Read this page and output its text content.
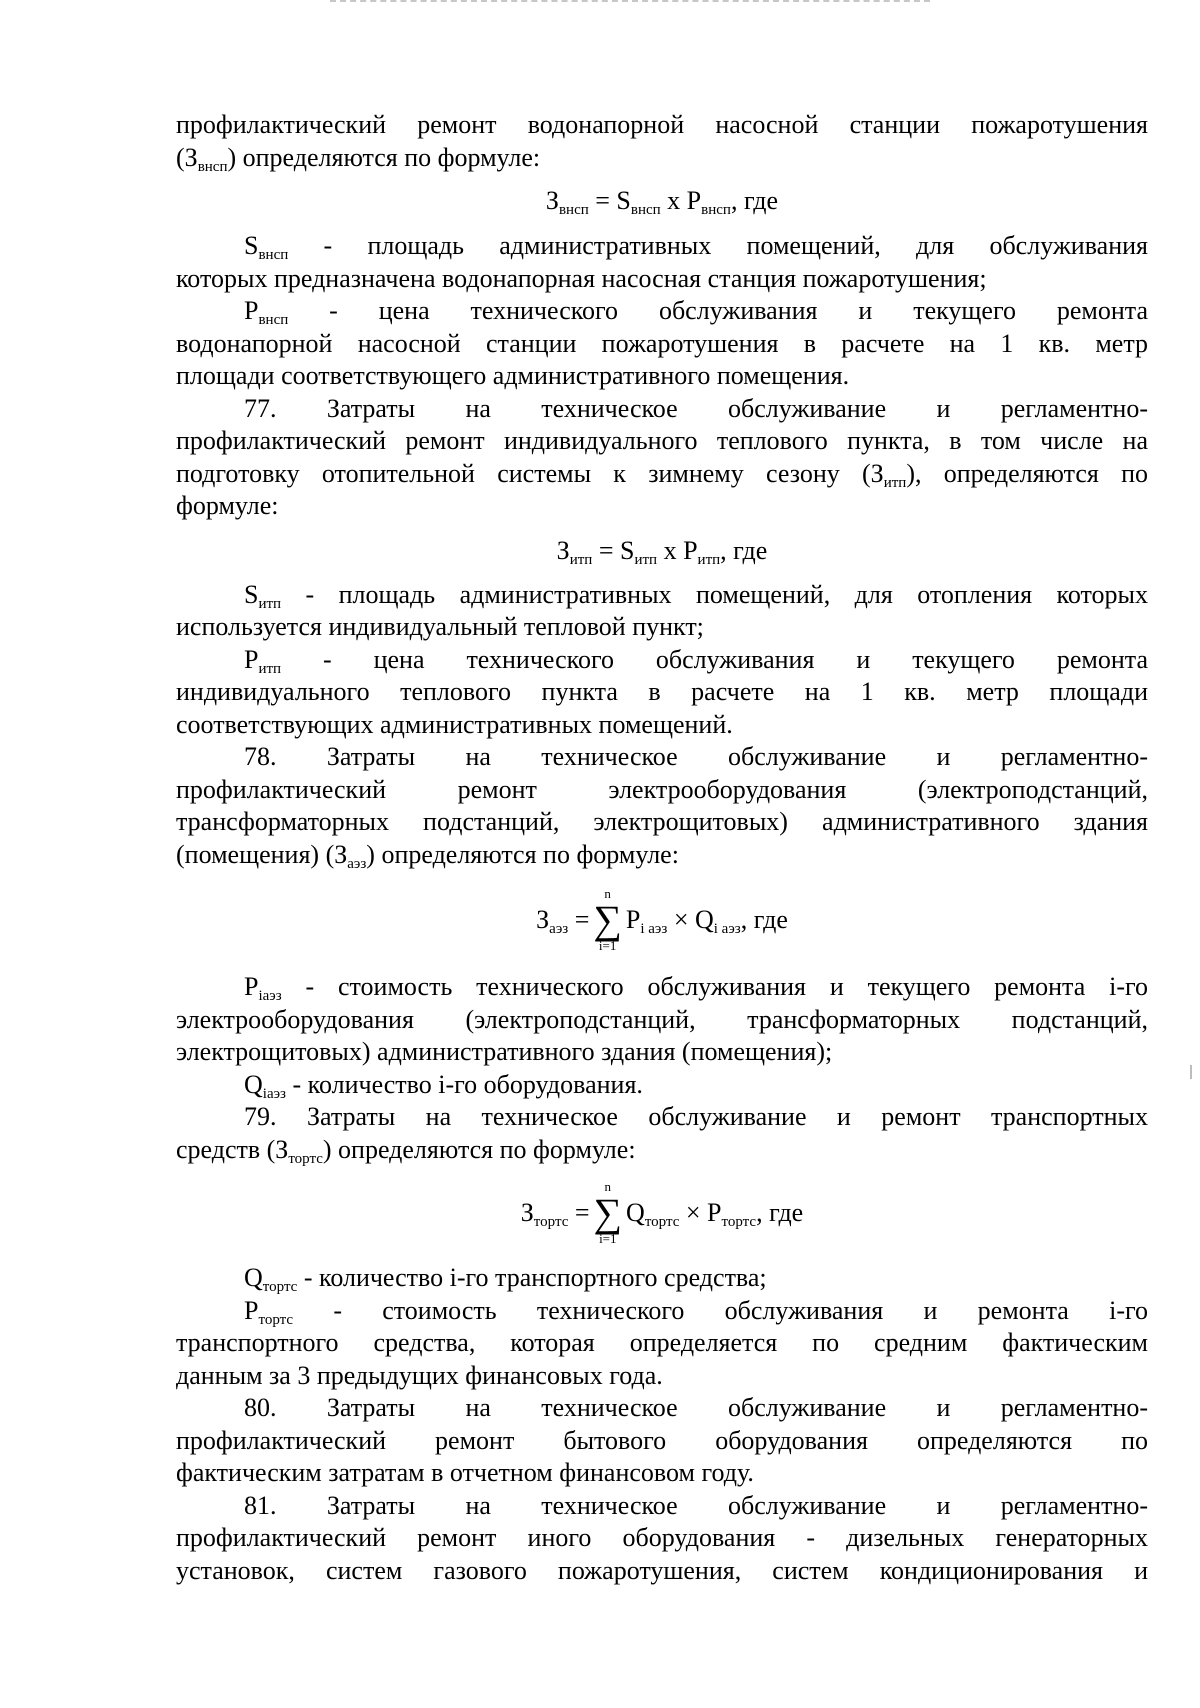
профилактический ремонт водонапорной насосной станции пожаротушения

$(З_{внсп})$ определяются по формуле:

$З_{внсп} = S_{внсп}$ х $P_{внсп}$, где

$S_{внсп}$ - площадь административных помещений, для обслуживания

которых предназначена водонапорная насосная станция пожаротушения;

$P_{внсп}$ - цена технического обслуживания и текущего ремонта

водонапорной насосной станции пожаротушения в расчете на 1 кв. метр

площади соответствующего административного помещения.

77. Затраты на техническое обслуживание и регламентно-

профилактический ремонт индивидуального теплового пункта, в том числе на

подготовку отопительной системы к зимнему сезону $(З_{итп})$, определяются по

формуле:

$З_{итп} = S_{итп}$ х $P_{итп}$, где

$S_{итп}$ - площадь административных помещений, для отопления которых

используется индивидуальный тепловой пункт;

$P_{итп}$ - цена технического обслуживания и текущего ремонта

индивидуального теплового пункта в расчете на 1 кв. метр площади

соответствующих административных помещений.

78. Затраты на техническое обслуживание и регламентно-

профилактический ремонт электрооборудования (электроподстанций,

трансформаторных подстанций, электрощитовых) административного здания

(помещения) $(З_{аэз})$ определяются по формуле:

$З_{аэз}$ =
n
∑
i=1
$P_{i аэз} \times Q_{i аэз}$, где

$P_{iаэз}$ - стоимость технического обслуживания и текущего ремонта i-го

электрооборудования (электроподстанций, трансформаторных подстанций,

электрощитовых) административного здания (помещения);

$Q_{iаэз}$ - количество i-го оборудования.

79. Затраты на техническое обслуживание и ремонт транспортных

средств $(З_{тортс})$ определяются по формуле:

$З_{тортс}$ =
n
∑
i=1
$Q_{тортс} \times P_{тортс}$, где

$Q_{тортс}$ - количество i-го транспортного средства;

$P_{тортс}$ - стоимость технического обслуживания и ремонта i-го

транспортного средства, которая определяется по средним фактическим

данным за 3 предыдущих финансовых года.

80. Затраты на техническое обслуживание и регламентно-

профилактический ремонт бытового оборудования определяются по

фактическим затратам в отчетном финансовом году.

81. Затраты на техническое обслуживание и регламентно-

профилактический ремонт иного оборудования - дизельных генераторных

установок, систем газового пожаротушения, систем кондиционирования и
